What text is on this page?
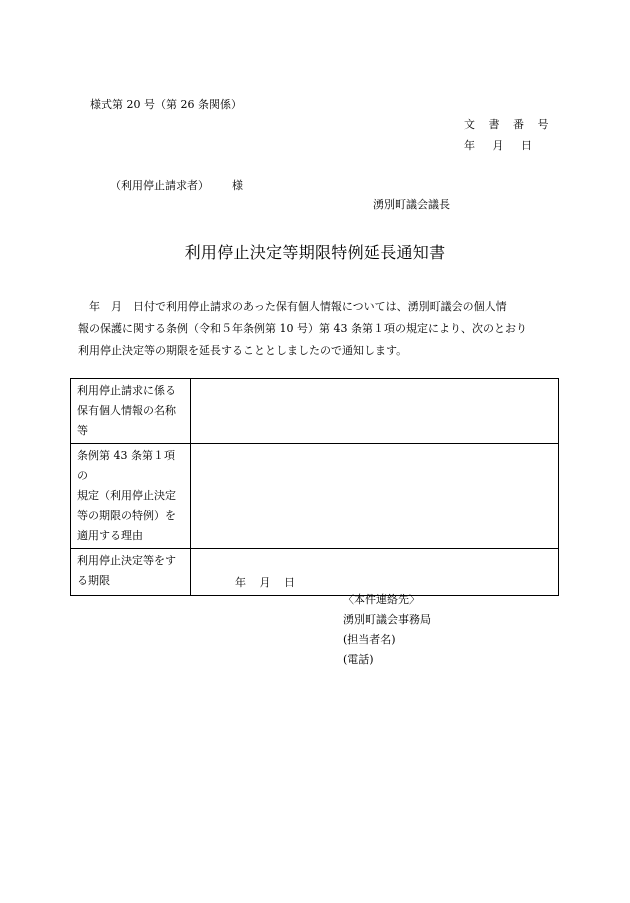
様式第 20 号（第 26 条関係）
文 書 番 号
年 月 日
（利用停止請求者） 様
湧別町議会議長
利用停止決定等期限特例延長通知書
　年　月　日付で利用停止請求のあった保有個人情報については、湧別町議会の個人情
報の保護に関する条例（令和５年条例第 10 号）第 43 条第１項の規定により、次のとおり
利用停止決定等の期限を延長することとしましたので通知します。
利用停止請求に係る
保有個人情報の名称
等	

条例第 43 条第１項の
規定（利用停止決定
等の期限の特例）を
適用する理由	

利用停止決定等をす
る期限	年 月 日
〈本件連絡先〉
湧別町議会事務局
(担当者名)
(電話)
